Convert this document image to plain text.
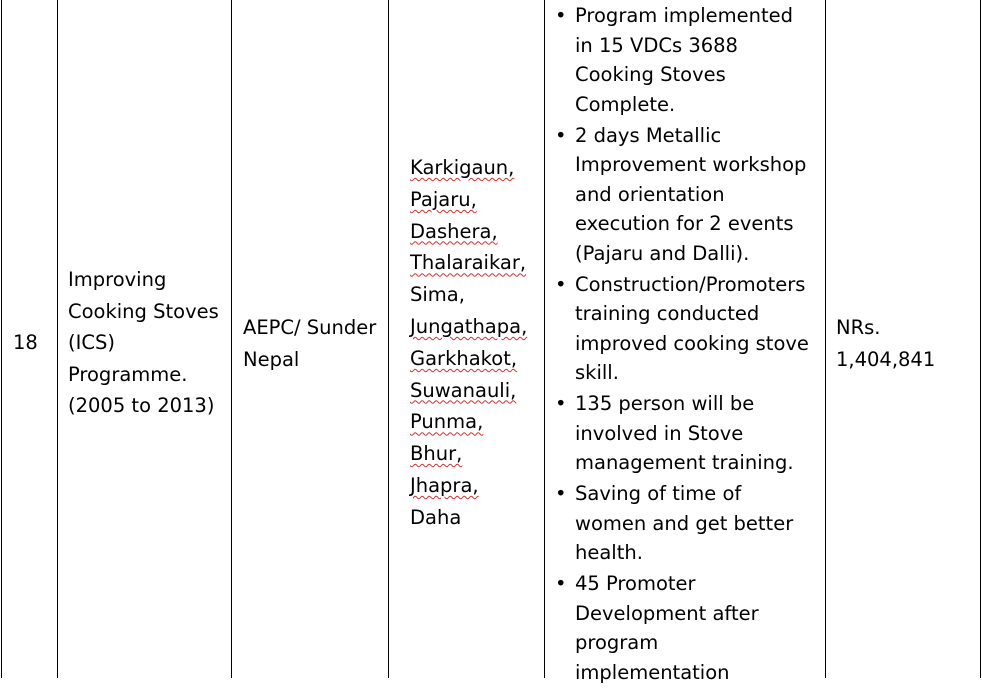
18
Improving
Cooking Stoves
(ICS)
Programme.
(2005 to 2013)
AEPC/ Sunder
Nepal
Karkigaun,
Pajaru,
Dashera,
Thalaraikar,
Sima,
Jungathapa,
Garkhakot,
Suwanauli,
Punma,
Bhur,
Jhapra,
Daha
• Program implemented
in 15 VDCs 3688
Cooking Stoves
Complete.
• 2 days Metallic
Improvement workshop
and orientation
execution for 2 events
(Pajaru and Dalli).
• Construction/Promoters
training conducted
improved cooking stove
skill.
• 135 person will be
involved in Stove
management training.
• Saving of time of
women and get better
health.
• 45 Promoter
Development after
program
implementation
NRs.
1,404,841
